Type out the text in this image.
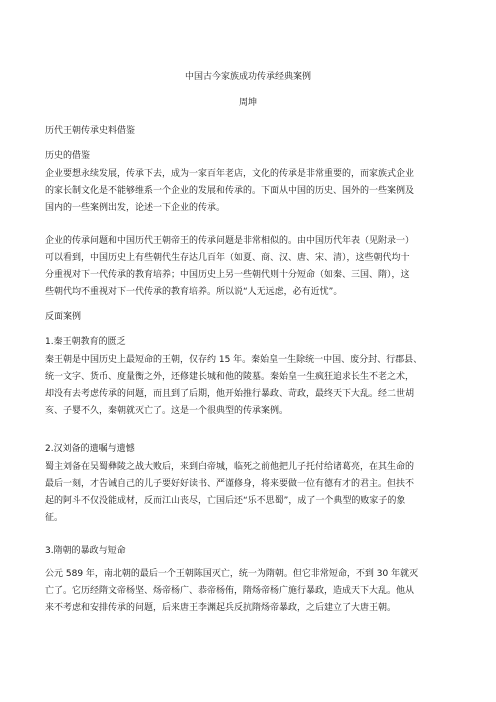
中国古今家族成功传承经典案例
周坤
历代王朝传承史料借鉴
历史的借鉴
企业要想永续发展，传承下去，成为一家百年老店，文化的传承是非常重要的，而家族式企业
的家长制文化是不能够维系一个企业的发展和传承的。下面从中国的历史、国外的一些案例及
国内的一些案例出发，论述一下企业的传承。
企业的传承问题和中国历代王朝帝王的传承问题是非常相似的。由中国历代年表（见附录一）
可以看到，中国历史上有些朝代生存达几百年（如夏、商、汉、唐、宋、清），这些朝代均十
分重视对下一代传承的教育培养；中国历史上另一些朝代则十分短命（如秦、三国、隋），这
些朝代均不重视对下一代传承的教育培养。所以说“人无远虑，必有近忧”。
反面案例
1.秦王朝教育的匮乏
秦王朝是中国历史上最短命的王朝，仅存约 15 年。秦始皇一生除统一中国、废分封、行郡县、
统一文字、货币、度量衡之外，还修建长城和他的陵墓。秦始皇一生疯狂追求长生不老之术，
却没有去考虑传承的问题，而且到了后期，他开始推行暴政、苛政，最终天下大乱。经二世胡
亥、子婴不久，秦朝就灭亡了。这是一个很典型的传承案例。
2.汉刘备的遗嘱与遗憾
蜀主刘备在吴蜀彝陵之战大败后，来到白帝城，临死之前他把儿子托付给诸葛亮，在其生命的
最后一刻，才告诫自己的儿子要好好读书、严谨修身，将来要做一位有德有才的君主。但扶不
起的阿斗不仅没能成材，反而江山丧尽，亡国后还“乐不思蜀”，成了一个典型的败家子的象
征。
3.隋朝的暴政与短命
公元 589 年，南北朝的最后一个王朝陈国灭亡，统一为隋朝。但它非常短命，不到 30 年就灭
亡了。它历经隋文帝杨坚、炀帝杨广、恭帝杨侑，隋炀帝杨广施行暴政，造成天下大乱。他从
来不考虑和安排传承的问题，后来唐王李渊起兵反抗隋炀帝暴政，之后建立了大唐王朝。
